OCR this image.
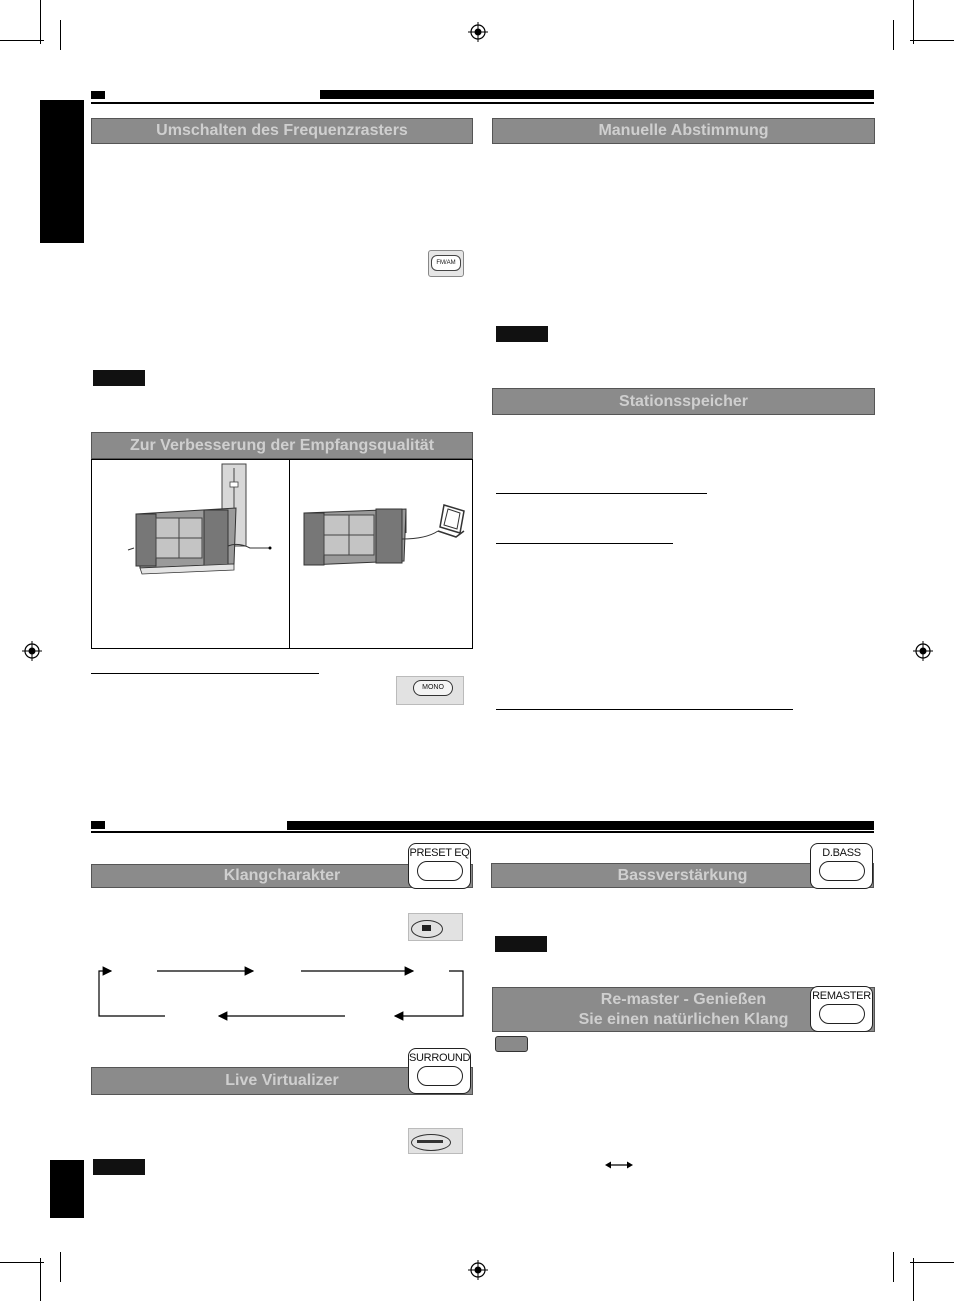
Umschalten des Frequenzrasters	Manuelle Abstimmung
FM/AM
Stationsspeicher
Zur Verbesserung der Empfangsqualität
MONO
Klangcharakter
PRESET EQ
Live Virtualizer
SURROUND
Bassverstärkung
D.BASS
Re-master - Genießen
Sie einen natürlichen Klang
REMASTER
